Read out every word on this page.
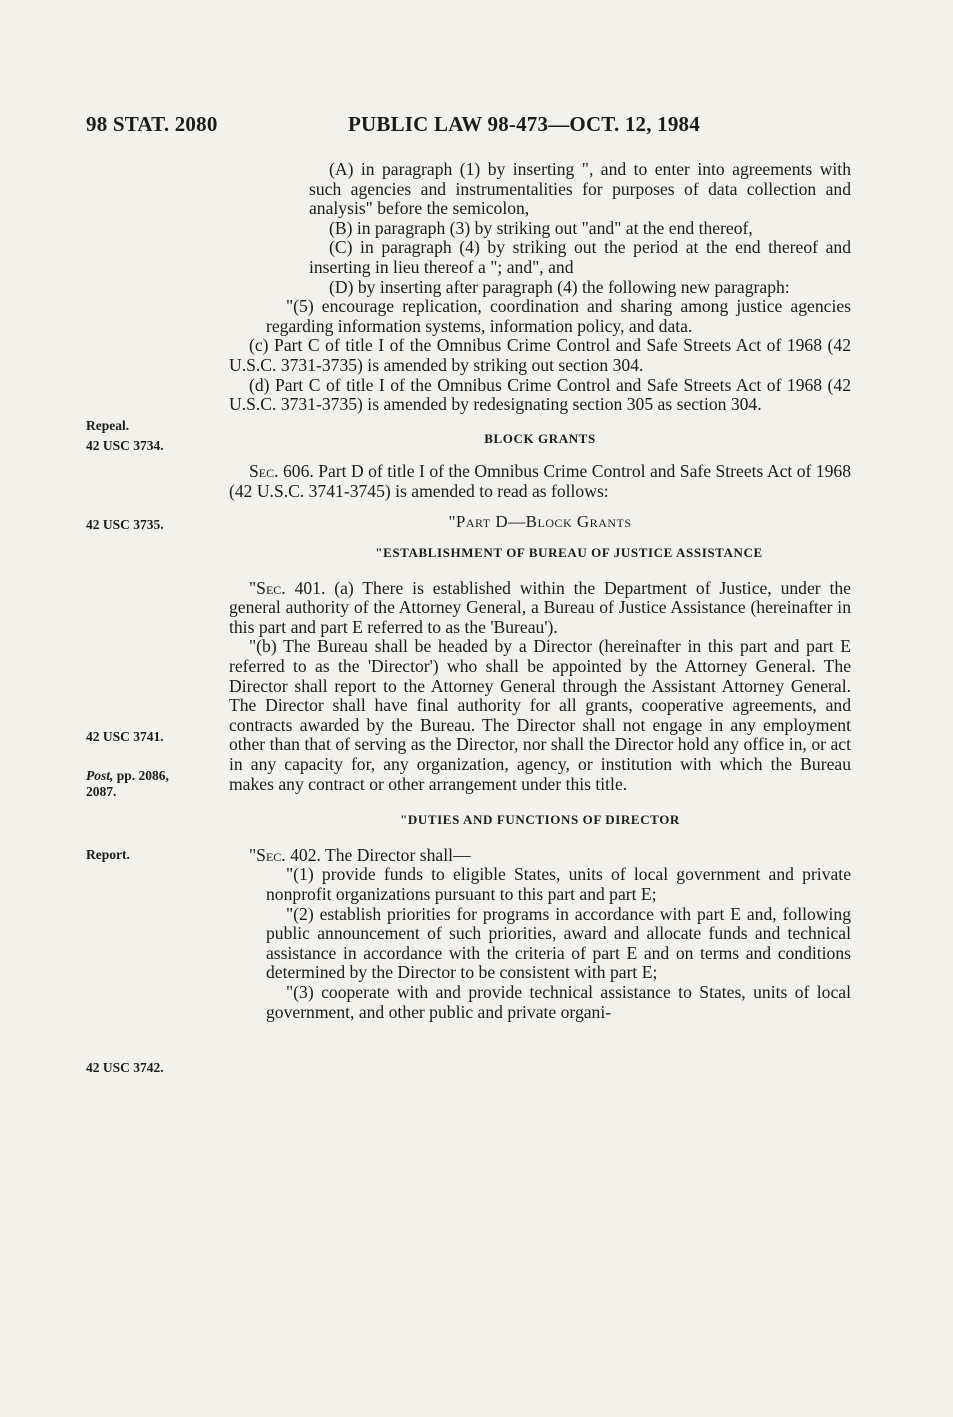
98 STAT. 2080	PUBLIC LAW 98-473—OCT. 12, 1984
Repeal.
42 USC 3734.
42 USC 3735.
42 USC 3741.
Post, pp. 2086, 2087.
Report.
42 USC 3742.

(A) in paragraph (1) by inserting ", and to enter into agreements with such agencies and instrumentalities for purposes of data collection and analysis" before the semicolon,

(B) in paragraph (3) by striking out "and" at the end thereof,

(C) in paragraph (4) by striking out the period at the end thereof and inserting in lieu thereof a "; and", and

(D) by inserting after paragraph (4) the following new paragraph:

"(5) encourage replication, coordination and sharing among justice agencies regarding information systems, information policy, and data.

(c) Part C of title I of the Omnibus Crime Control and Safe Streets Act of 1968 (42 U.S.C. 3731-3735) is amended by striking out section 304.

(d) Part C of title I of the Omnibus Crime Control and Safe Streets Act of 1968 (42 U.S.C. 3731-3735) is amended by redesignating section 305 as section 304.

BLOCK GRANTS

Sec. 606. Part D of title I of the Omnibus Crime Control and Safe Streets Act of 1968 (42 U.S.C. 3741-3745) is amended to read as follows:

"Part D—Block Grants

"ESTABLISHMENT OF BUREAU OF JUSTICE ASSISTANCE

"Sec. 401. (a) There is established within the Department of Justice, under the general authority of the Attorney General, a Bureau of Justice Assistance (hereinafter in this part and part E referred to as the 'Bureau').

"(b) The Bureau shall be headed by a Director (hereinafter in this part and part E referred to as the 'Director') who shall be appointed by the Attorney General. The Director shall report to the Attorney General through the Assistant Attorney General. The Director shall have final authority for all grants, cooperative agreements, and contracts awarded by the Bureau. The Director shall not engage in any employment other than that of serving as the Director, nor shall the Director hold any office in, or act in any capacity for, any organization, agency, or institution with which the Bureau makes any contract or other arrangement under this title.

"DUTIES AND FUNCTIONS OF DIRECTOR

"Sec. 402. The Director shall—

"(1) provide funds to eligible States, units of local government and private nonprofit organizations pursuant to this part and part E;

"(2) establish priorities for programs in accordance with part E and, following public announcement of such priorities, award and allocate funds and technical assistance in accordance with the criteria of part E and on terms and conditions determined by the Director to be consistent with part E;

"(3) cooperate with and provide technical assistance to States, units of local government, and other public and private organi-
